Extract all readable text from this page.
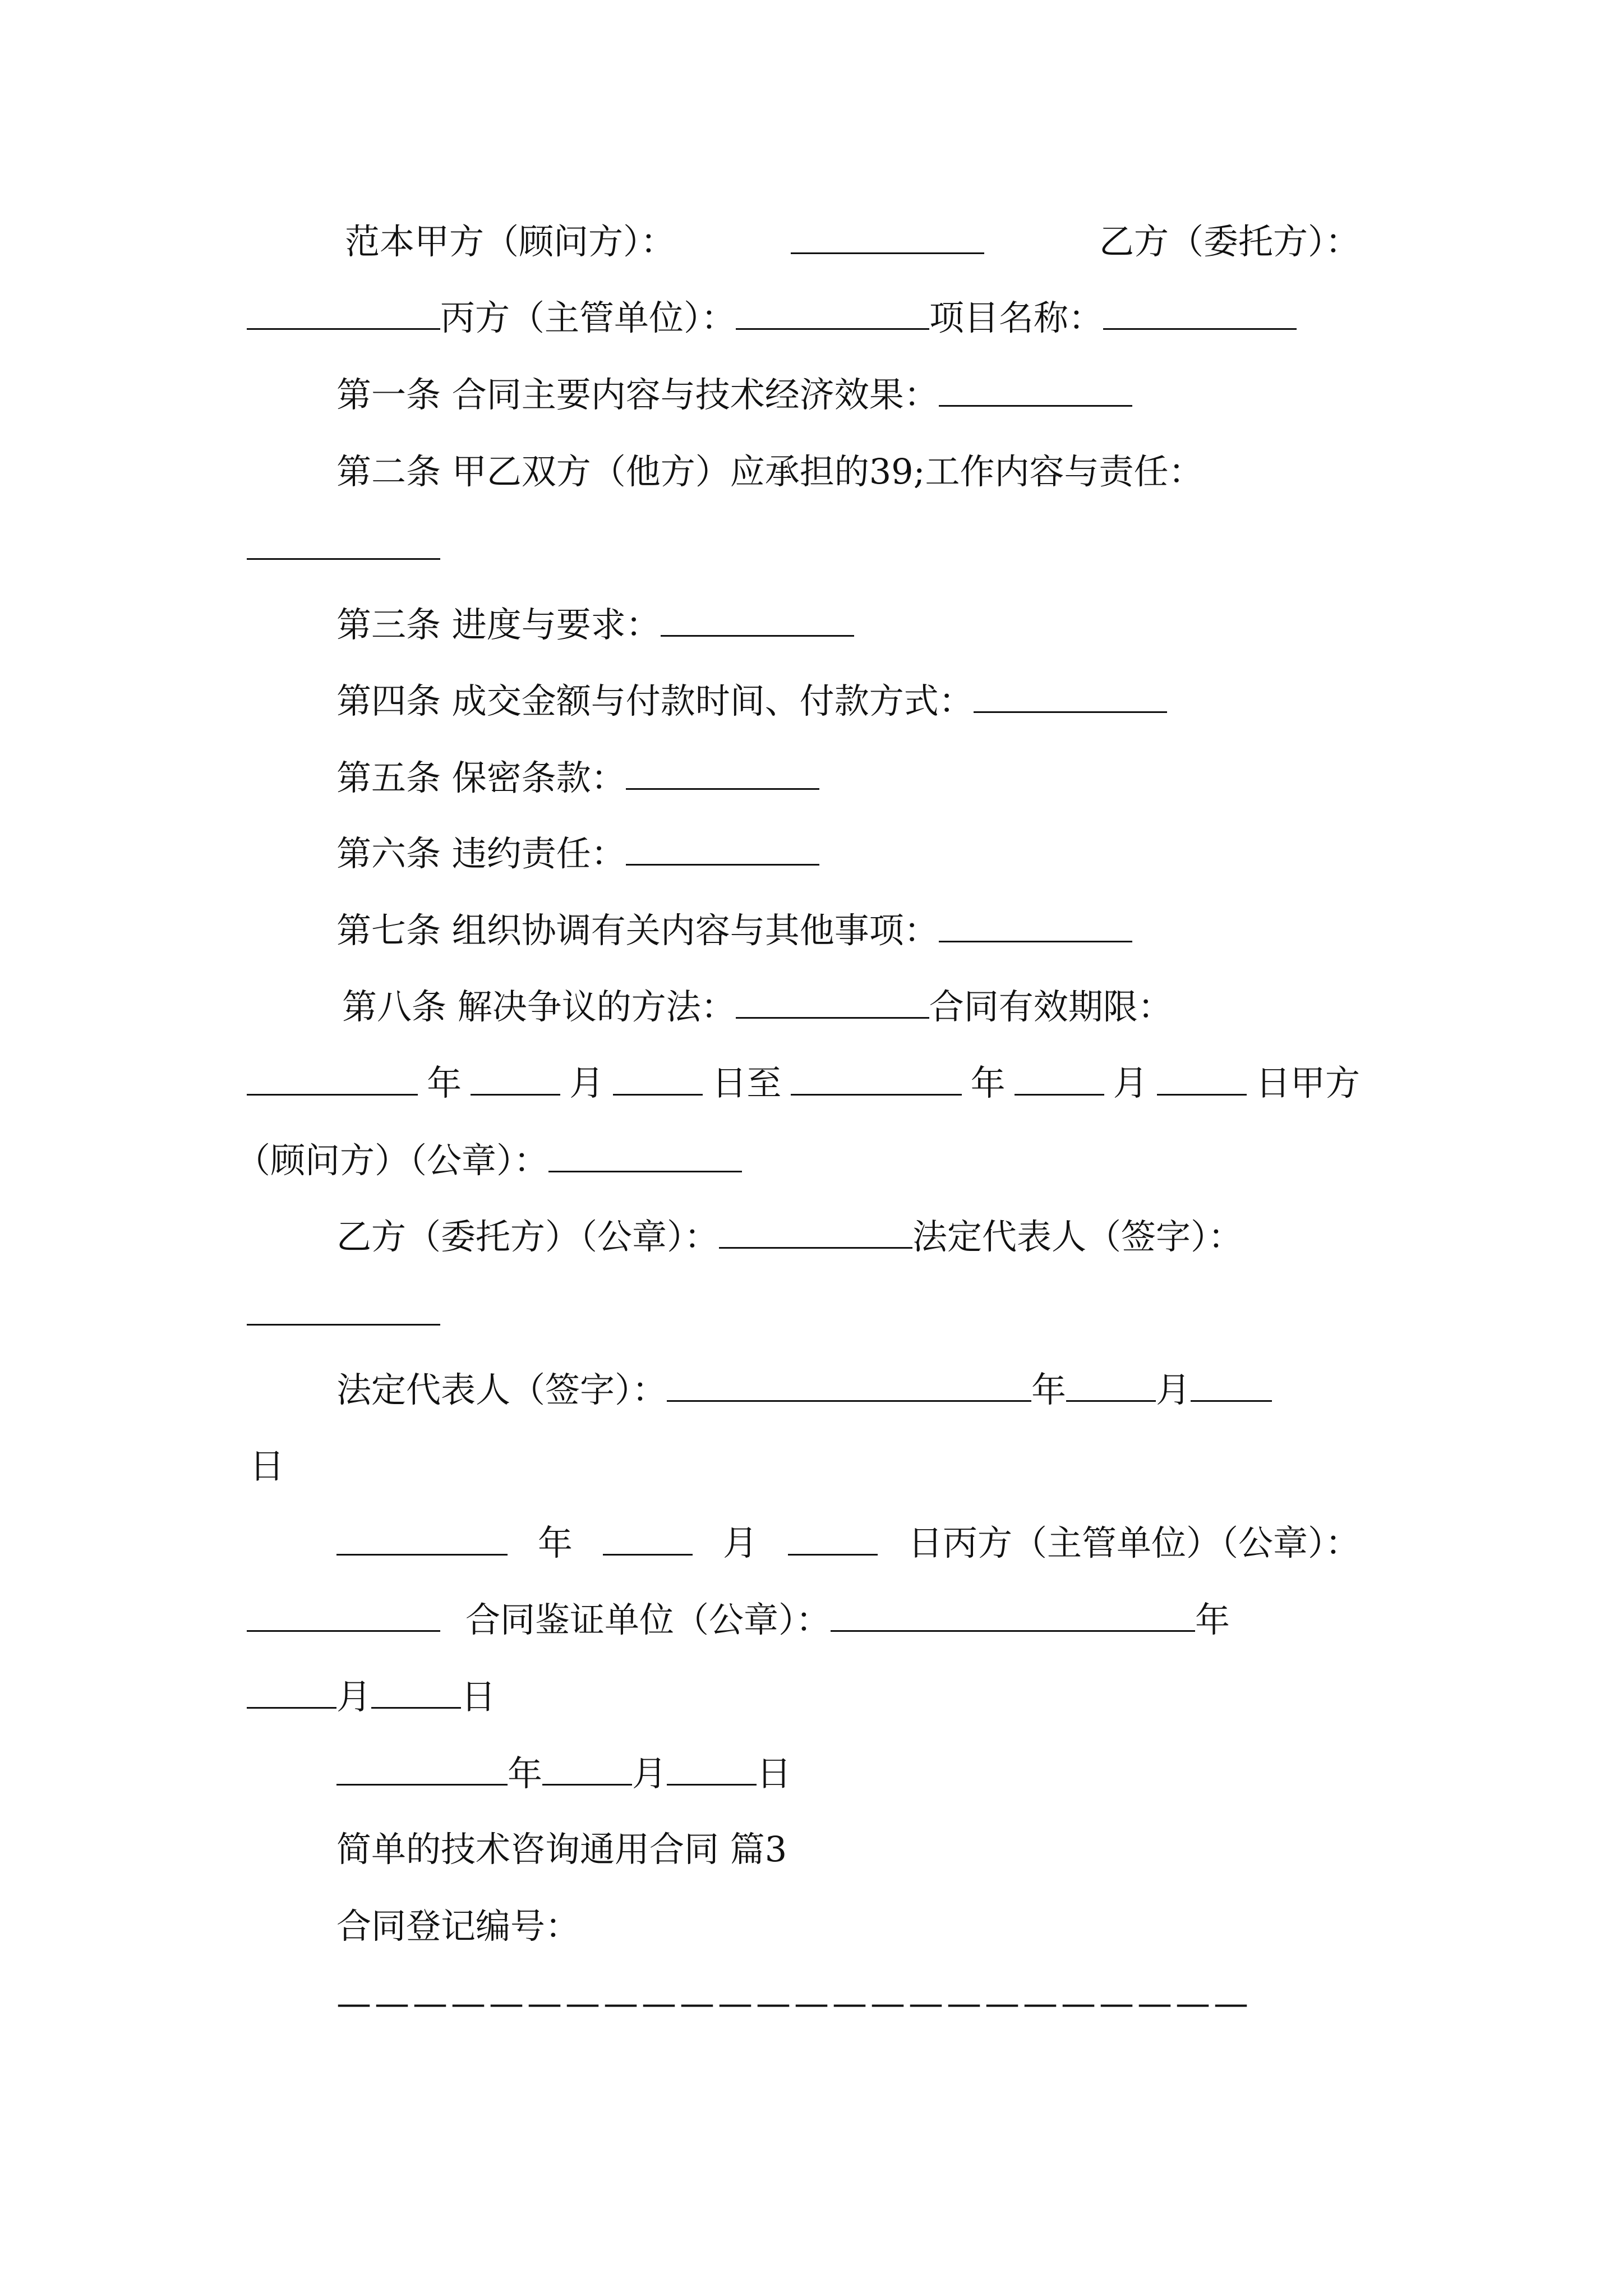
范本甲方（顾问方）：	乙方（委托方）：
丙方（主管单位）：	项目名称：
第一条 合同主要内容与技术经济效果：
第二条 甲乙双方（他方）应承担的39;工作内容与责任：
第三条 进度与要求：
第四条 成交金额与付款时间、付款方式：
第五条 保密条款：
第六条 违约责任：
第七条 组织协调有关内容与其他事项：
第八条 解决争议的方法：	合同有效期限：
年	月	日至	年	月	日甲方
（顾问方）（公章）：
乙方（委托方）（公章）：	法定代表人（签字）：
法定代表人（签字）：	年	月
日
年	月	日丙方（主管单位）（公章）：
合同鉴证单位（公章）：	年
月	日
年	月	日
简单的技术咨询通用合同 篇3
合同登记编号：
————————————————————————
